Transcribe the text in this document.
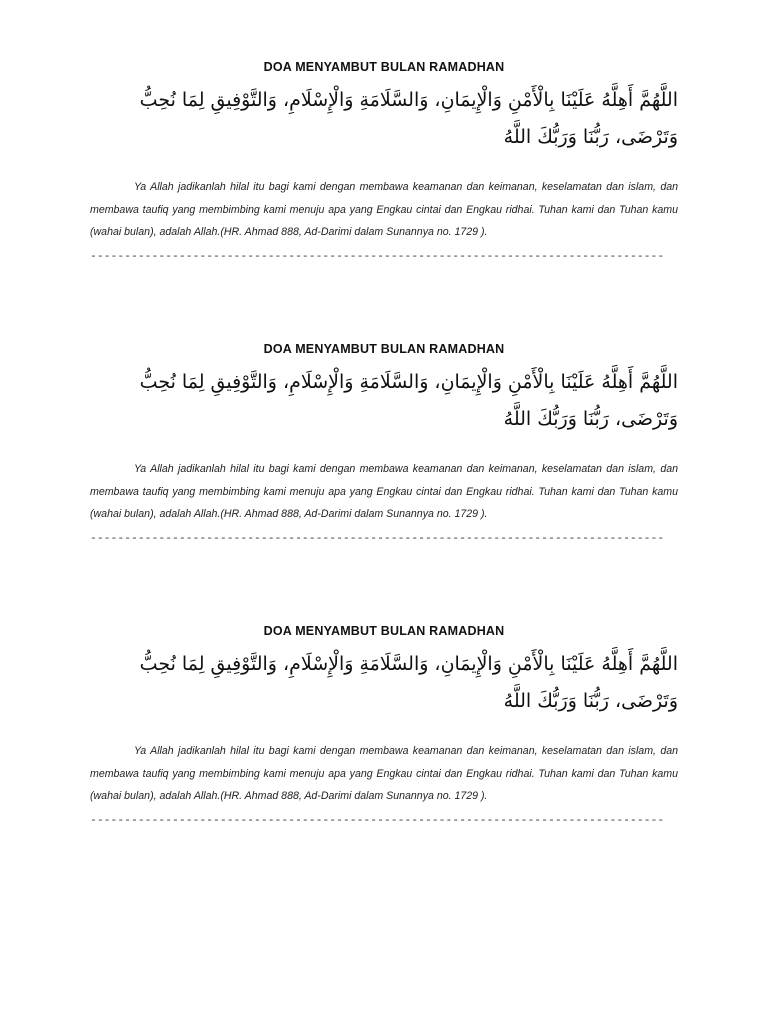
DOA MENYAMBUT BULAN RAMADHAN
اللَّهُمَّ أَهِلَّهُ عَلَيْنَا بِالْأَمْنِ وَالْإِيمَانِ، وَالسَّلَامَةِ وَالْإِسْلَامِ، وَالتَّوْفِيقِ لِمَا نُحِبُّ وَتَرْضَى، رَبُّنَا وَرَبُّكَ اللَّهُ
Ya Allah jadikanlah hilal itu bagi kami dengan membawa keamanan dan keimanan, keselamatan dan islam, dan membawa taufiq yang membimbing kami menuju apa yang Engkau cintai dan Engkau ridhai. Tuhan kami dan Tuhan kamu (wahai bulan), adalah Allah.(HR. Ahmad 888, Ad-Darimi dalam Sunannya no. 1729 ).
------------------------------------------------------------------------------------
DOA MENYAMBUT BULAN RAMADHAN
اللَّهُمَّ أَهِلَّهُ عَلَيْنَا بِالْأَمْنِ وَالْإِيمَانِ، وَالسَّلَامَةِ وَالْإِسْلَامِ، وَالتَّوْفِيقِ لِمَا نُحِبُّ وَتَرْضَى، رَبُّنَا وَرَبُّكَ اللَّهُ
Ya Allah jadikanlah hilal itu bagi kami dengan membawa keamanan dan keimanan, keselamatan dan islam, dan membawa taufiq yang membimbing kami menuju apa yang Engkau cintai dan Engkau ridhai. Tuhan kami dan Tuhan kamu (wahai bulan), adalah Allah.(HR. Ahmad 888, Ad-Darimi dalam Sunannya no. 1729 ).
------------------------------------------------------------------------------------
DOA MENYAMBUT BULAN RAMADHAN
اللَّهُمَّ أَهِلَّهُ عَلَيْنَا بِالْأَمْنِ وَالْإِيمَانِ، وَالسَّلَامَةِ وَالْإِسْلَامِ، وَالتَّوْفِيقِ لِمَا نُحِبُّ وَتَرْضَى، رَبُّنَا وَرَبُّكَ اللَّهُ
Ya Allah jadikanlah hilal itu bagi kami dengan membawa keamanan dan keimanan, keselamatan dan islam, dan membawa taufiq yang membimbing kami menuju apa yang Engkau cintai dan Engkau ridhai. Tuhan kami dan Tuhan kamu (wahai bulan), adalah Allah.(HR. Ahmad 888, Ad-Darimi dalam Sunannya no. 1729 ).
------------------------------------------------------------------------------------
